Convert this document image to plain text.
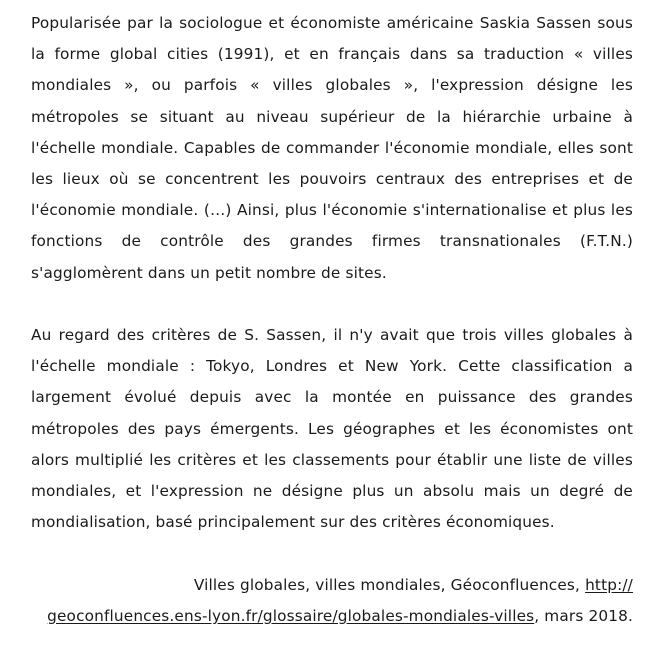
Popularisée par la sociologue et économiste américaine Saskia Sassen sous la forme global cities (1991), et en français dans sa traduction « villes mondiales », ou parfois « villes globales », l'expression désigne les métropoles se situant au niveau supérieur de la hiérarchie urbaine à l'échelle mondiale. Capables de commander l'économie mondiale, elles sont les lieux où se concentrent les pouvoirs centraux des entreprises et de l'économie mondiale. (…) Ainsi, plus l'économie s'internationalise et plus les fonctions de contrôle des grandes firmes transnationales (F.T.N.) s'agglomèrent dans un petit nombre de sites.

Au regard des critères de S. Sassen, il n'y avait que trois villes globales à l'échelle mondiale : Tokyo, Londres et New York. Cette classification a largement évolué depuis avec la montée en puissance des grandes métropoles des pays émergents. Les géographes et les économistes ont alors multiplié les critères et les classements pour établir une liste de villes mondiales, et l'expression ne désigne plus un absolu mais un degré de mondialisation, basé principalement sur des critères économiques.

Villes globales, villes mondiales, Géoconfluences, http://
geoconfluences.ens-lyon.fr/glossaire/globales-mondiales-villes, mars 2018.
